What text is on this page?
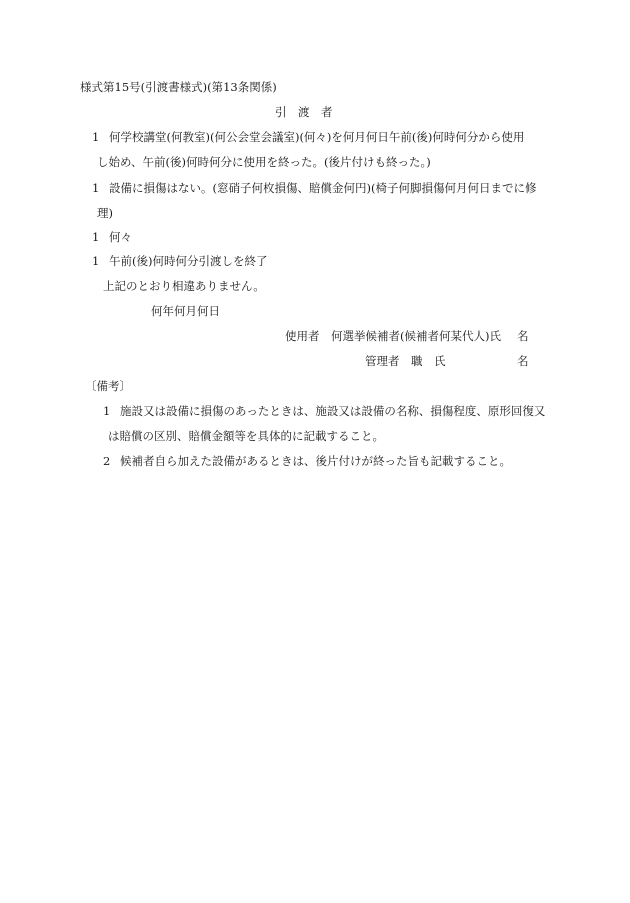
様式第15号(引渡書様式)(第13条関係)
引　渡　者
1 何学校講堂(何教室)(何公会堂会議室)(何々)を何月何日午前(後)何時何分から使用
し始め、午前(後)何時何分に使用を終った。(後片付けも終った。)
1 設備に損傷はない。(窓硝子何枚損傷、賠償金何円)(椅子何脚損傷何月何日までに修
理)
1 何々
1 午前(後)何時何分引渡しを終了
上記のとおり相違ありません。
何年何月何日
使用者　何選挙候補者(候補者何某代人)氏 名
管理者　職　氏	名
〔備考〕
1 施設又は設備に損傷のあったときは、施設又は設備の名称、損傷程度、原形回復又
は賠償の区別、賠償金額等を具体的に記載すること。
2 候補者自ら加えた設備があるときは、後片付けが終った旨も記載すること。
